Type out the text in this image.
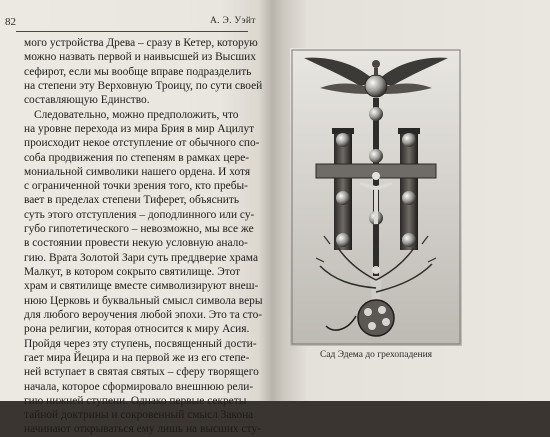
82	А. Э. Уэйт
мого устройства Древа – сразу в Кетер, которую
можно назвать первой и наивысшей из Высших
сефирот, если мы вообще вправе подразделить
на степени эту Верховную Троицу, по сути своей
составляющую Единство.
Следовательно, можно предположить, что
на уровне перехода из мира Брия в мир Ацилут
происходит некое отступление от обычного спо-
соба продвижения по степеням в рамках цере-
мониальной символики нашего ордена. И хотя
с ограниченной точки зрения того, кто пребы-
вает в пределах степени Тиферет, объяснить
суть этого отступления – доподлинного или су-
губо гипотетического – невозможно, мы все же
в состоянии провести некую условную анало-
гию. Врата Золотой Зари суть преддверие храма
Малкут, в котором сокрыто святилище. Этот
храм и святилище вместе символизируют внеш-
нюю Церковь и буквальный смысл символа веры
для любого вероучения любой эпохи. Это та сто-
рона религии, которая относится к миру Асия.
Пройдя через эту ступень, посвященный дости-
гает мира Йецира и на первой же из его степе-
ней вступает в святая святых – сферу творящего
начала, которое сформировало внешнюю рели-
гию нижней ступени. Однако первые секреты
тайной доктрины и сокровенный смысл Закона
начинают открываться ему лишь на высших сту-
Сад Эдема до грехопадения
